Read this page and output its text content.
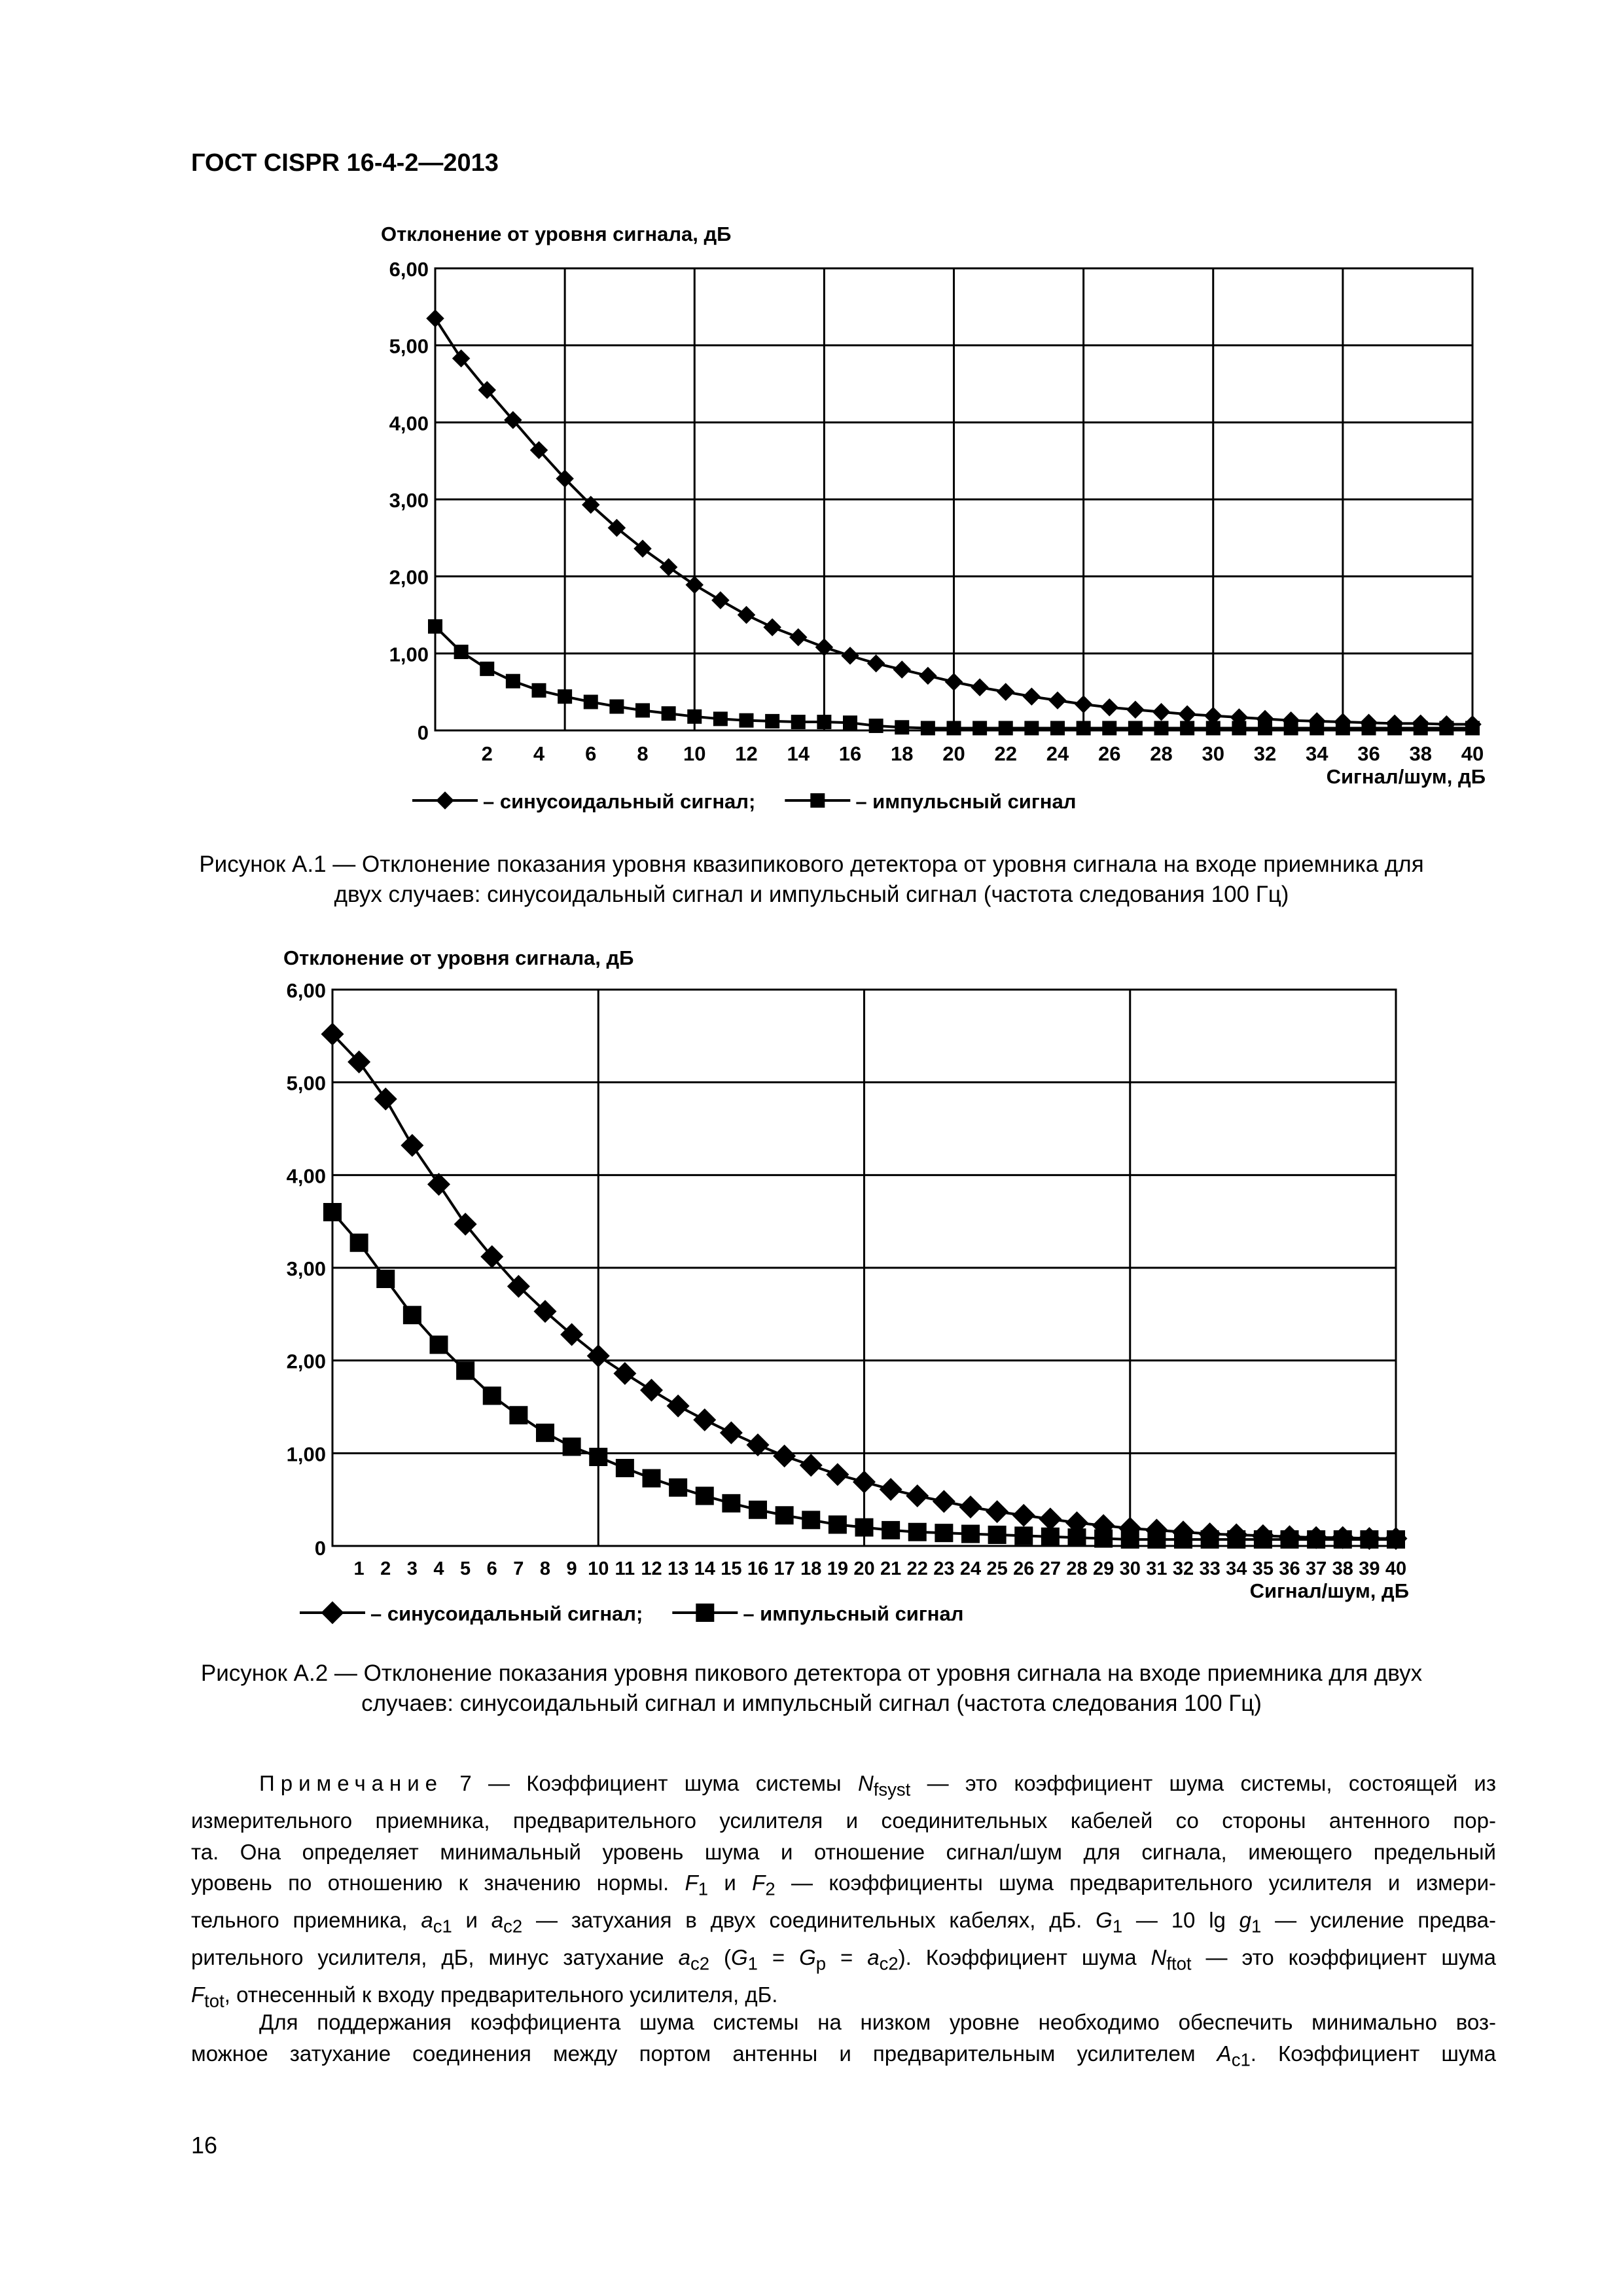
ГОСТ CISPR 16-4-2—2013
Отклонение от уровня сигнала, дБ
0
1,00
2,00
3,00
4,00
5,00
6,00
2 4 6 8 10 12 14 16 18 20 22 24 26 28 30 32 34 36 38 40
Сигнал/шум, дБ
– синусоидальный сигнал;	– импульсный сигнал
Рисунок А.1 — Отклонение показания уровня квазипикового детектора от уровня сигнала на входе приемника для
двух случаев: синусоидальный сигнал и импульсный сигнал (частота следования 100 Гц)
Отклонение от уровня сигнала, дБ
0
1,00
2,00
3,00
4,00
5,00
6,00
1 2 3 4 5 6 7 8 9 10 11 12 13 14 15 16 17 18 19 20 21 22 23 24 25 26 27 28 29 30 31 32 33 34 35 36 37 38 39 40
Сигнал/шум, дБ
– синусоидальный сигнал;	– импульсный сигнал
Рисунок А.2 — Отклонение показания уровня пикового детектора от уровня сигнала на входе приемника для двух
случаев: синусоидальный сигнал и импульсный сигнал (частота следования 100 Гц)
Примечание 7 — Коэффициент шума системы $N_{fsyst}$ — это коэффициент шума системы, состоящей из
измерительного приемника, предварительного усилителя и соединительных кабелей со стороны антенного пор-
та. Она определяет минимальный уровень шума и отношение сигнал/шум для сигнала, имеющего предельный
уровень по отношению к значению нормы. $F_1$ и $F_2$ — коэффициенты шума предварительного усилителя и измери-
тельного приемника, $a_{c1}$ и $a_{c2}$ — затухания в двух соединительных кабелях, дБ. $G_1$ — 10 $\lg g_1$ — усиление предва-
рительного усилителя, дБ, минус затухание $a_{c2}$ $(G_1 = G_p = a_{c2})$. Коэффициент шума $N_{ftot}$ — это коэффициент шума
$F_{tot}$, отнесенный к входу предварительного усилителя, дБ.
Для поддержания коэффициента шума системы на низком уровне необходимо обеспечить минимально воз-
можное затухание соединения между портом антенны и предварительным усилителем $A_{c1}$. Коэффициент шума
16
